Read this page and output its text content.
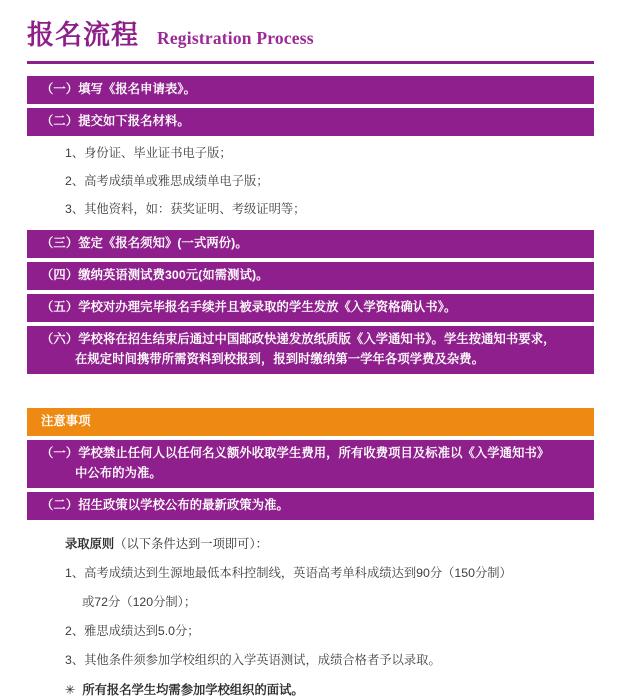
报名流程 Registration Process
（一）填写《报名申请表》。
（二）提交如下报名材料。
1、身份证、毕业证书电子版；
2、高考成绩单或雅思成绩单电子版；
3、其他资料，如：获奖证明、考级证明等；
（三）签定《报名须知》(一式两份)。
（四）缴纳英语测试费300元(如需测试)。
（五）学校对办理完毕报名手续并且被录取的学生发放《入学资格确认书》。
（六）学校将在招生结束后通过中国邮政快递发放纸质版《入学通知书》。学生按通知书要求，
在规定时间携带所需资料到校报到，报到时缴纳第一学年各项学费及杂费。
注意事项
（一）学校禁止任何人以任何名义额外收取学生费用，所有收费项目及标准以《入学通知书》
中公布的为准。
（二）招生政策以学校公布的最新政策为准。
录取原则（以下条件达到一项即可）：
1、高考成绩达到生源地最低本科控制线，英语高考单科成绩达到90分（150分制）
或72分（120分制）；
2、雅思成绩达到5.0分；
3、其他条件须参加学校组织的入学英语测试，成绩合格者予以录取。
✳ 所有报名学生均需参加学校组织的面试。
